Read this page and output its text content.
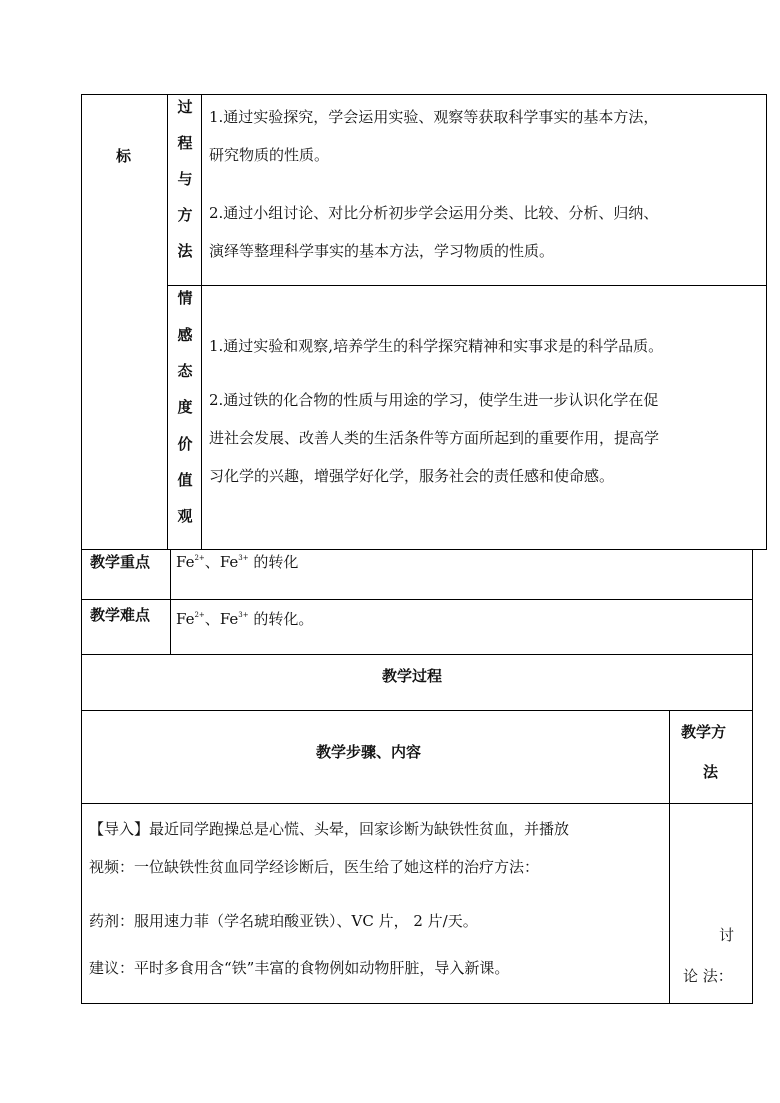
标
过
程
与
方
法
1.通过实验探究，学会运用实验、观察等获取科学事实的基本方法，
研究物质的性质。
2.通过小组讨论、对比分析初步学会运用分类、比较、分析、归纳、
演绎等整理科学事实的基本方法，学习物质的性质。
情
感
态
度
价
值
观
1.通过实验和观察,培养学生的科学探究精神和实事求是的科学品质。
2.通过铁的化合物的性质与用途的学习，使学生进一步认识化学在促
进社会发展、改善人类的生活条件等方面所起到的重要作用，提高学
习化学的兴趣，增强学好化学，服务社会的责任感和使命感。
教学重点 $Fe^{2+}$、$Fe^{3+}$ 的转化
教学难点 $Fe^{2+}$、$Fe^{3+}$ 的转化。
教学过程
教学步骤、内容
教学方
法
【导入】最近同学跑操总是心慌、头晕，回家诊断为缺铁性贫血，并播放
视频：一位缺铁性贫血同学经诊断后，医生给了她这样的治疗方法：
药剂：服用速力菲（学名琥珀酸亚铁）、VC 片， 2 片/天。
建议：平时多食用含“铁”丰富的食物例如动物肝脏，导入新课。
讨
论 法：
